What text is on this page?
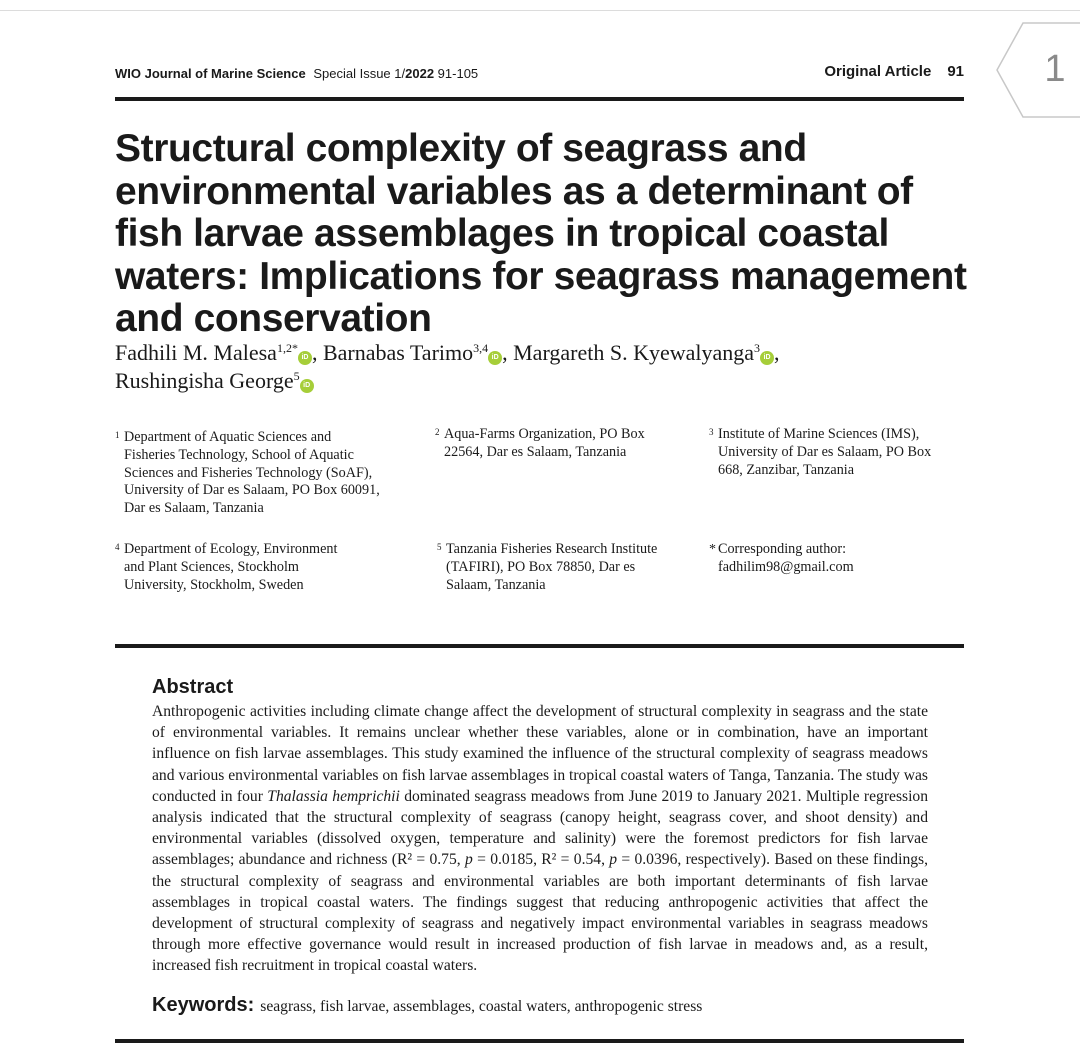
1
WIO Journal of Marine Science Special Issue 1/2022 91-105	Original Article 91
Structural complexity of seagrass and environmental variables as a determinant of fish larvae assemblages in tropical coastal waters: Implications for seagrass management and conservation
Fadhili M. Malesa$^{1,2*}$iD , Barnabas Tarimo$^{3,4}$iD , Margareth S. Kyewalyanga$^3$iD ,
Rushingisha George$^5$iD
1 Department of Aquatic Sciences and Fisheries Technology, School of Aquatic Sciences and Fisheries Technology (SoAF), University of Dar es Salaam, PO Box 60091, Dar es Salaam, Tanzania
2 Aqua-Farms Organization, PO Box 22564, Dar es Salaam, Tanzania
3 Institute of Marine Sciences (IMS), University of Dar es Salaam, PO Box 668, Zanzibar, Tanzania
4 Department of Ecology, Environment and Plant Sciences, Stockholm University, Stockholm, Sweden
5 Tanzania Fisheries Research Institute (TAFIRI), PO Box 78850, Dar es Salaam, Tanzania
* Corresponding author: fadhilim98@gmail.com
Abstract

Anthropogenic activities including climate change affect the development of structural complexity in seagrass and the state of environmental variables. It remains unclear whether these variables, alone or in combination, have an important influence on fish larvae assemblages. This study examined the influence of the structural complexity of seagrass meadows and various environmental variables on fish larvae assemblages in tropical coastal waters of Tanga, Tanzania. The study was conducted in four Thalassia hemprichii dominated seagrass meadows from June 2019 to January 2021. Multiple regression analysis indicated that the structural complexity of seagrass (canopy height, seagrass cover, and shoot density) and environmental variables (dissolved oxygen, temperature and salinity) were the foremost predictors for fish larvae assemblages; abundance and richness (R² = 0.75, p = 0.0185, R² = 0.54, p = 0.0396, respectively). Based on these findings, the structural complexity of seagrass and environmental variables are both important determinants of fish larvae assemblages in tropical coastal waters. The findings suggest that reducing anthropogenic activities that affect the development of structural complexity of seagrass and negatively impact environmental variables in seagrass meadows through more effective governance would result in increased production of fish larvae in meadows and, as a result, increased fish recruitment in tropical coastal waters.

Keywords: seagrass, fish larvae, assemblages, coastal waters, anthropogenic stress
